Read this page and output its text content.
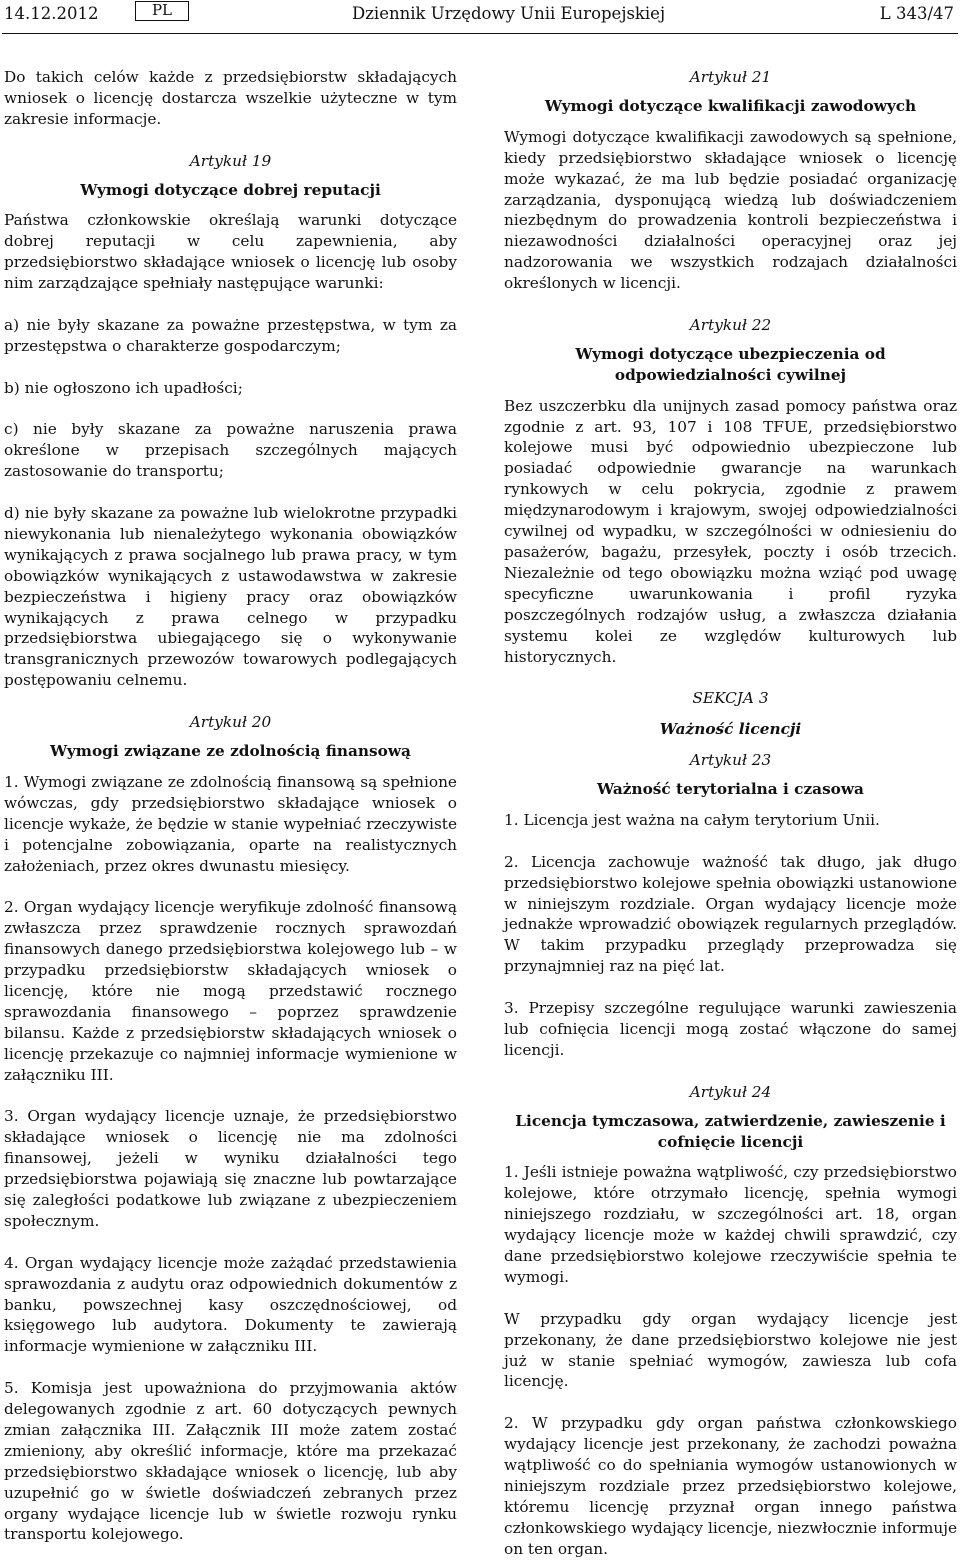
14.12.2012	PL	Dziennik Urzędowy Unii Europejskiej	L 343/47

Do takich celów każde z przedsiębiorstw składających wniosek o licencję dostarcza wszelkie użyteczne w tym zakresie informacje.

Artykuł 19
Wymogi dotyczące dobrej reputacji

Państwa członkowskie określają warunki dotyczące dobrej reputacji w celu zapewnienia, aby przedsiębiorstwo składające wniosek o licencję lub osoby nim zarządzające spełniały następujące warunki:

a) nie były skazane za poważne przestępstwa, w tym za przestępstwa o charakterze gospodarczym;

b) nie ogłoszono ich upadłości;

c) nie były skazane za poważne naruszenia prawa określone w przepisach szczególnych mających zastosowanie do transportu;

d) nie były skazane za poważne lub wielokrotne przypadki niewykonania lub nienależytego wykonania obowiązków wynikających z prawa socjalnego lub prawa pracy, w tym obowiązków wynikających z ustawodawstwa w zakresie bezpieczeństwa i higieny pracy oraz obowiązków wynikających z prawa celnego w przypadku przedsiębiorstwa ubiegającego się o wykonywanie transgranicznych przewozów towarowych podlegających postępowaniu celnemu.

Artykuł 20
Wymogi związane ze zdolnością finansową

1. Wymogi związane ze zdolnością finansową są spełnione wówczas, gdy przedsiębiorstwo składające wniosek o licencje wykaże, że będzie w stanie wypełniać rzeczywiste i potencjalne zobowiązania, oparte na realistycznych założeniach, przez okres dwunastu miesięcy.

2. Organ wydający licencje weryfikuje zdolność finansową zwłaszcza przez sprawdzenie rocznych sprawozdań finansowych danego przedsiębiorstwa kolejowego lub – w przypadku przedsiębiorstw składających wniosek o licencję, które nie mogą przedstawić rocznego sprawozdania finansowego – poprzez sprawdzenie bilansu. Każde z przedsiębiorstw składających wniosek o licencję przekazuje co najmniej informacje wymienione w załączniku III.

3. Organ wydający licencje uznaje, że przedsiębiorstwo składające wniosek o licencję nie ma zdolności finansowej, jeżeli w wyniku działalności tego przedsiębiorstwa pojawiają się znaczne lub powtarzające się zaległości podatkowe lub związane z ubezpieczeniem społecznym.

4. Organ wydający licencje może zażądać przedstawienia sprawozdania z audytu oraz odpowiednich dokumentów z banku, powszechnej kasy oszczędnościowej, od księgowego lub audytora. Dokumenty te zawierają informacje wymienione w załączniku III.

5. Komisja jest upoważniona do przyjmowania aktów delegowanych zgodnie z art. 60 dotyczących pewnych zmian załącznika III. Załącznik III może zatem zostać zmieniony, aby określić informacje, które ma przekazać przedsiębiorstwo składające wniosek o licencję, lub aby uzupełnić go w świetle doświadczeń zebranych przez organy wydające licencje lub w świetle rozwoju rynku transportu kolejowego.

Artykuł 21
Wymogi dotyczące kwalifikacji zawodowych

Wymogi dotyczące kwalifikacji zawodowych są spełnione, kiedy przedsiębiorstwo składające wniosek o licencję może wykazać, że ma lub będzie posiadać organizację zarządzania, dysponującą wiedzą lub doświadczeniem niezbędnym do prowadzenia kontroli bezpieczeństwa i niezawodności działalności operacyjnej oraz jej nadzorowania we wszystkich rodzajach działalności określonych w licencji.

Artykuł 22
Wymogi dotyczące ubezpieczenia od odpowiedzialności cywilnej

Bez uszczerbku dla unijnych zasad pomocy państwa oraz zgodnie z art. 93, 107 i 108 TFUE, przedsiębiorstwo kolejowe musi być odpowiednio ubezpieczone lub posiadać odpowiednie gwarancje na warunkach rynkowych w celu pokrycia, zgodnie z prawem międzynarodowym i krajowym, swojej odpowiedzialności cywilnej od wypadku, w szczególności w odniesieniu do pasażerów, bagażu, przesyłek, poczty i osób trzecich. Niezależnie od tego obowiązku można wziąć pod uwagę specyficzne uwarunkowania i profil ryzyka poszczególnych rodzajów usług, a zwłaszcza działania systemu kolei ze względów kulturowych lub historycznych.

SEKCJA 3
Ważność licencji
Artykuł 23
Ważność terytorialna i czasowa

1. Licencja jest ważna na całym terytorium Unii.

2. Licencja zachowuje ważność tak długo, jak długo przedsiębiorstwo kolejowe spełnia obowiązki ustanowione w niniejszym rozdziale. Organ wydający licencje może jednakże wprowadzić obowiązek regularnych przeglądów. W takim przypadku przeglądy przeprowadza się przynajmniej raz na pięć lat.

3. Przepisy szczególne regulujące warunki zawieszenia lub cofnięcia licencji mogą zostać włączone do samej licencji.

Artykuł 24
Licencja tymczasowa, zatwierdzenie, zawieszenie i cofnięcie licencji

1. Jeśli istnieje poważna wątpliwość, czy przedsiębiorstwo kolejowe, które otrzymało licencję, spełnia wymogi niniejszego rozdziału, w szczególności art. 18, organ wydający licencje może w każdej chwili sprawdzić, czy dane przedsiębiorstwo kolejowe rzeczywiście spełnia te wymogi.

W przypadku gdy organ wydający licencje jest przekonany, że dane przedsiębiorstwo kolejowe nie jest już w stanie spełniać wymogów, zawiesza lub cofa licencję.

2. W przypadku gdy organ państwa członkowskiego wydający licencje jest przekonany, że zachodzi poważna wątpliwość co do spełniania wymogów ustanowionych w niniejszym rozdziale przez przedsiębiorstwo kolejowe, któremu licencję przyznał organ innego państwa członkowskiego wydający licencje, niezwłocznie informuje on ten organ.
